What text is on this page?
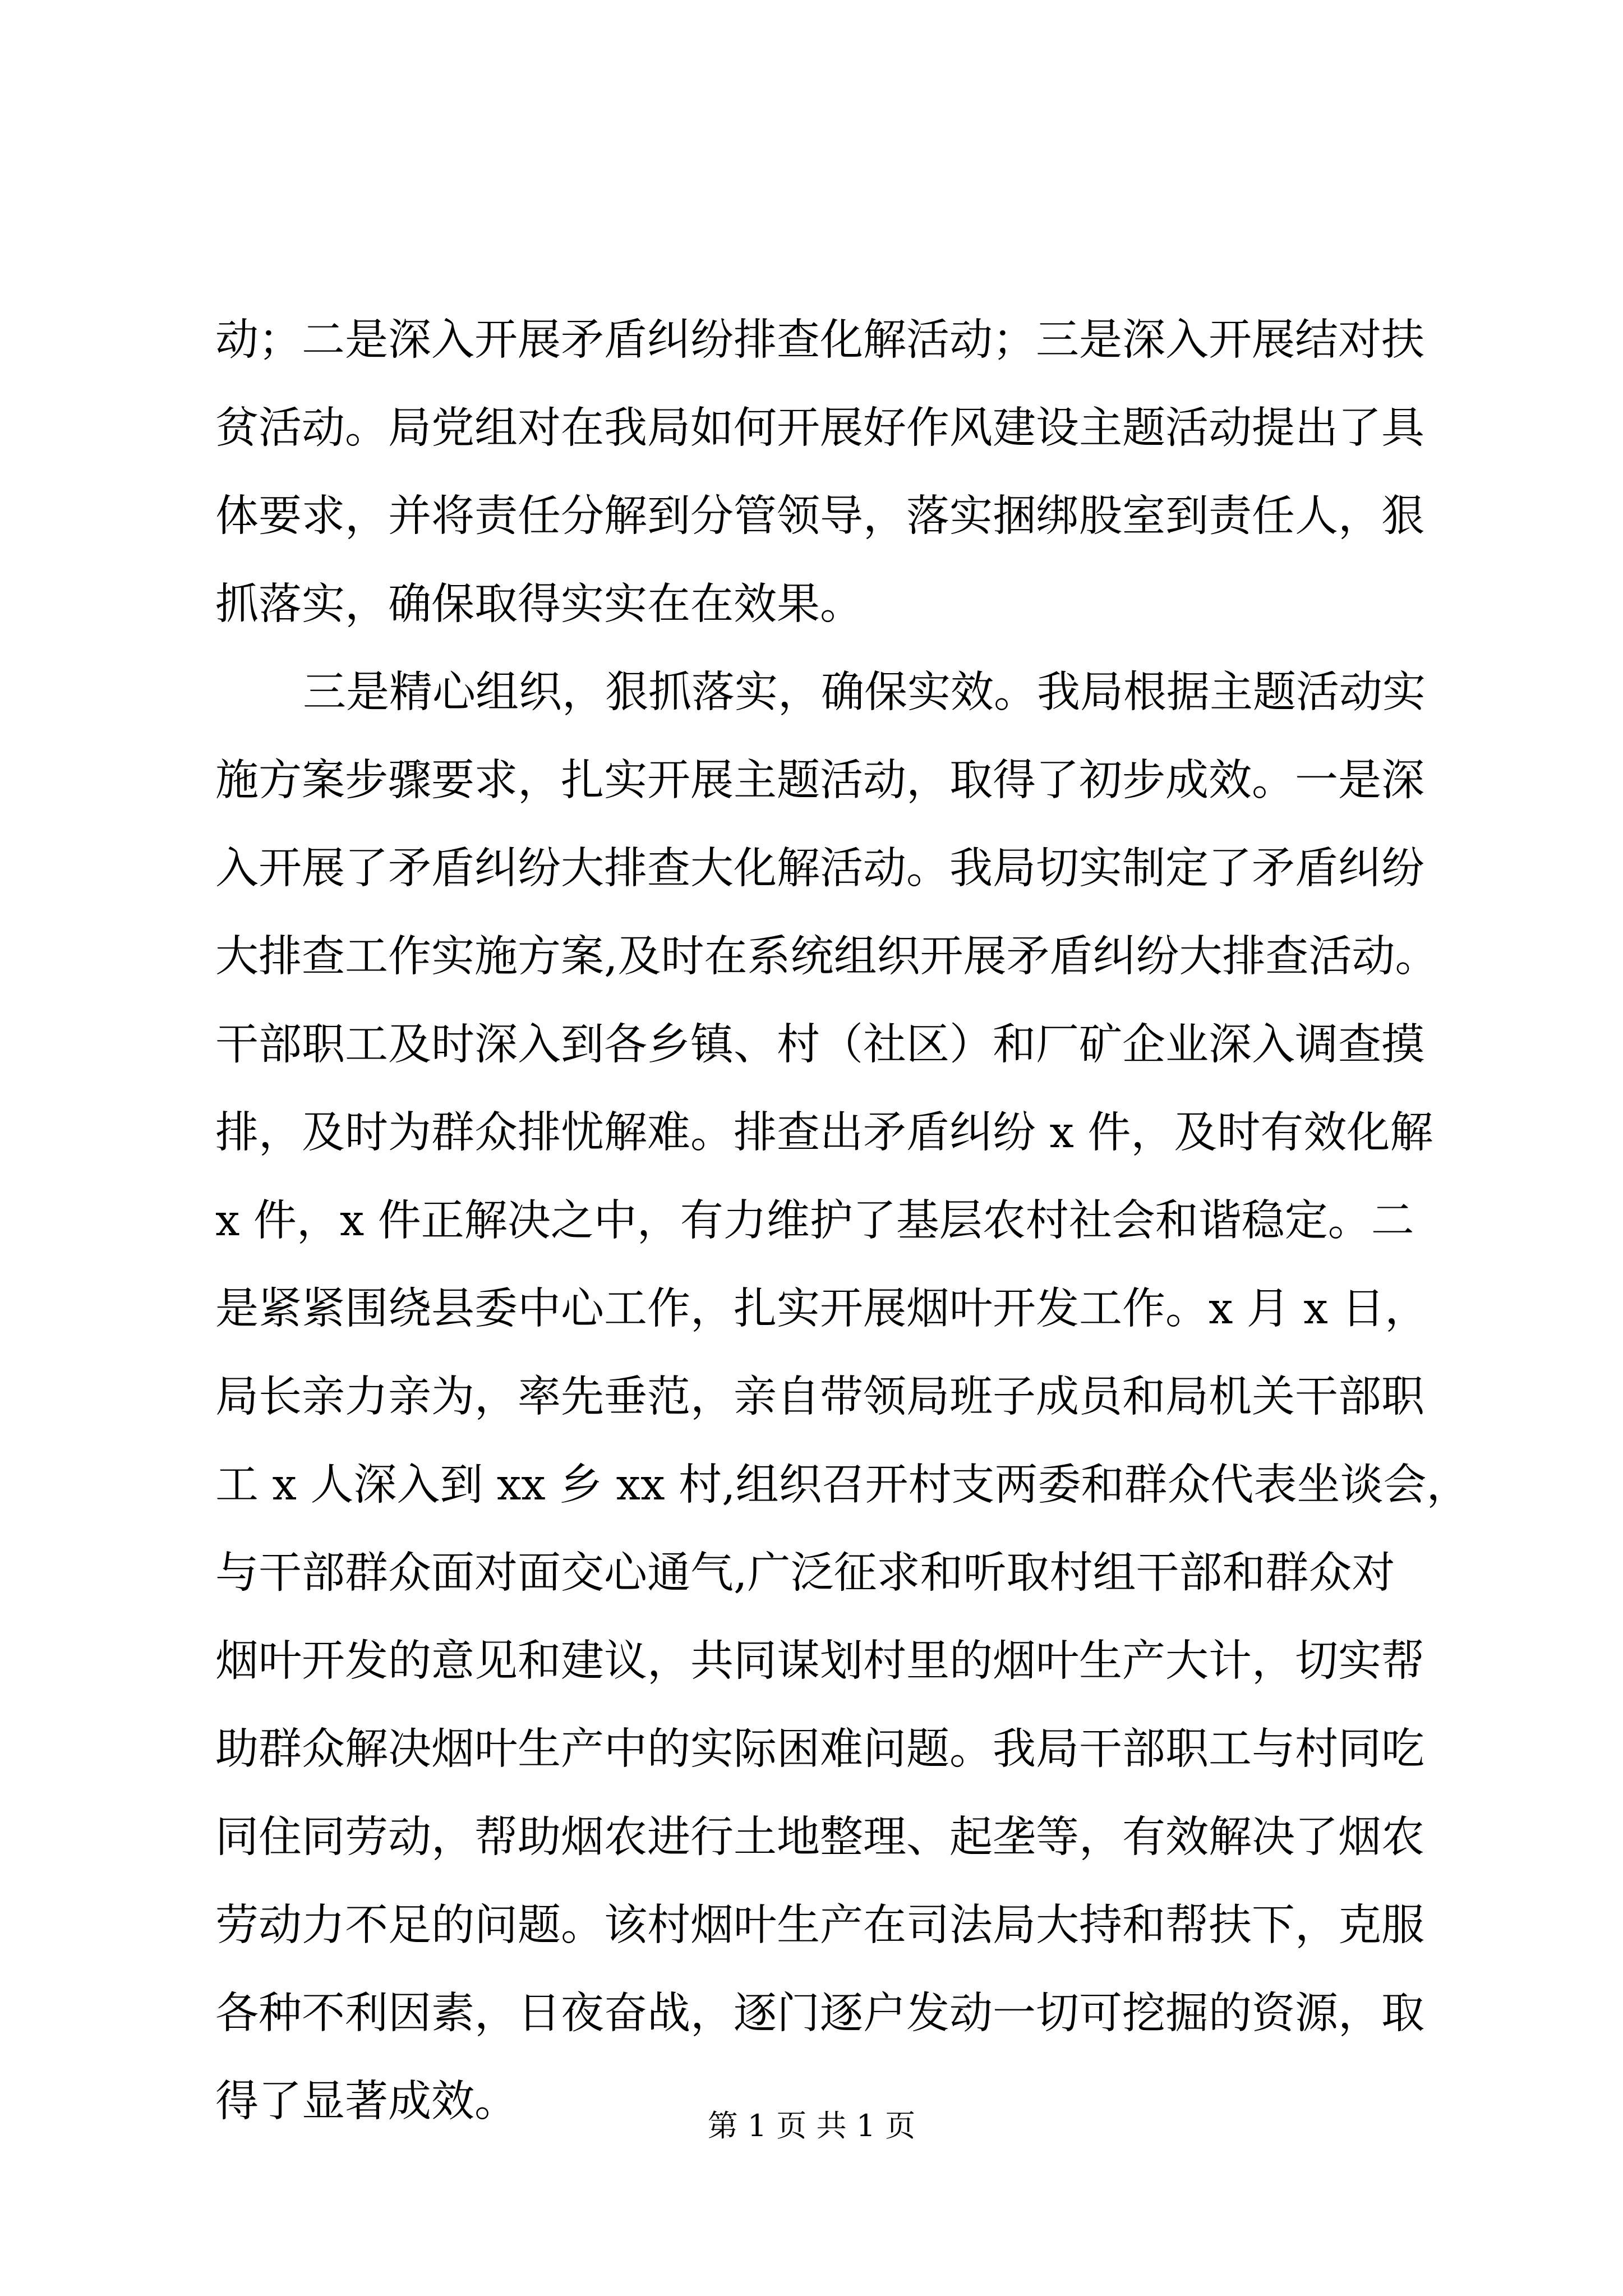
动；二是深入开展矛盾纠纷排查化解活动；三是深入开展结对扶
贫活动。局党组对在我局如何开展好作风建设主题活动提出了具
体要求，并将责任分解到分管领导，落实捆绑股室到责任人，狠
抓落实，确保取得实实在在效果。
三是精心组织，狠抓落实，确保实效。我局根据主题活动实
施方案步骤要求，扎实开展主题活动，取得了初步成效。一是深
入开展了矛盾纠纷大排查大化解活动。我局切实制定了矛盾纠纷
大排查工作实施方案,及时在系统组织开展矛盾纠纷大排查活动。
干部职工及时深入到各乡镇、村（社区）和厂矿企业深入调查摸
排，及时为群众排忧解难。排查出矛盾纠纷 x 件，及时有效化解
x 件，x 件正解决之中，有力维护了基层农村社会和谐稳定。二
是紧紧围绕县委中心工作，扎实开展烟叶开发工作。x 月 x 日，
局长亲力亲为，率先垂范，亲自带领局班子成员和局机关干部职
工 x 人深入到 xx 乡 xx 村,组织召开村支两委和群众代表坐谈会，
与干部群众面对面交心通气,广泛征求和听取村组干部和群众对
烟叶开发的意见和建议，共同谋划村里的烟叶生产大计，切实帮
助群众解决烟叶生产中的实际困难问题。我局干部职工与村同吃
同住同劳动，帮助烟农进行土地整理、起垄等，有效解决了烟农
劳动力不足的问题。该村烟叶生产在司法局大持和帮扶下，克服
各种不利因素，日夜奋战，逐门逐户发动一切可挖掘的资源，取
得了显著成效。	第 1 页 共 1 页
